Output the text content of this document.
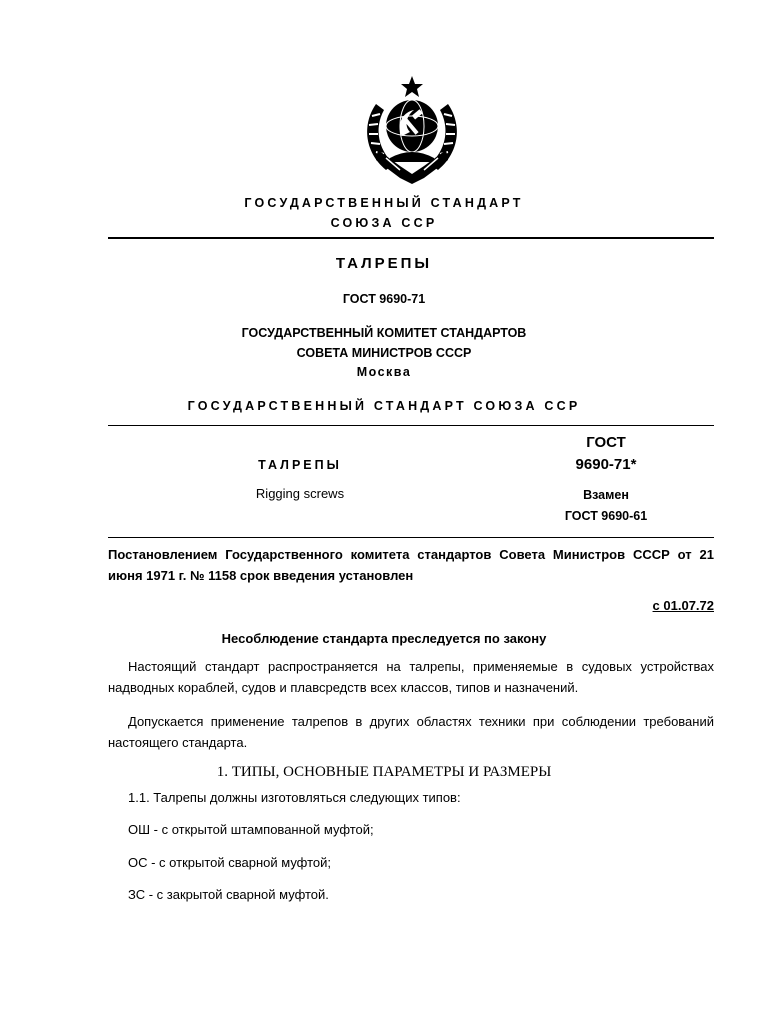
ГОСУДАРСТВЕННЫЙ СТАНДАРТ
СОЮЗА ССР
ТАЛРЕПЫ
ГОСТ 9690-71
ГОСУДАРСТВЕННЫЙ КОМИТЕТ СТАНДАРТОВ
СОВЕТА МИНИСТРОВ СССР
Москва
ГОСУДАРСТВЕННЫЙ СТАНДАРТ СОЮЗА ССР
ТАЛРЕПЫ
Rigging screws
ГОСТ
9690-71*
Взамен
ГОСТ 9690-61
Постановлением Государственного комитета стандартов Совета Министров СССР от 21 июня 1971 г. № 1158 срок введения установлен
с 01.07.72
Несоблюдение стандарта преследуется по закону
Настоящий стандарт распространяется на талрепы, применяемые в судовых устройствах надводных кораблей, судов и плавсредств всех классов, типов и назначений.
Допускается применение талрепов в других областях техники при соблюдении требований настоящего стандарта.
1. ТИПЫ, ОСНОВНЫЕ ПАРАМЕТРЫ И РАЗМЕРЫ
1.1. Талрепы должны изготовляться следующих типов:
ОШ - с открытой штампованной муфтой;
ОС - с открытой сварной муфтой;
ЗС - с закрытой сварной муфтой.
